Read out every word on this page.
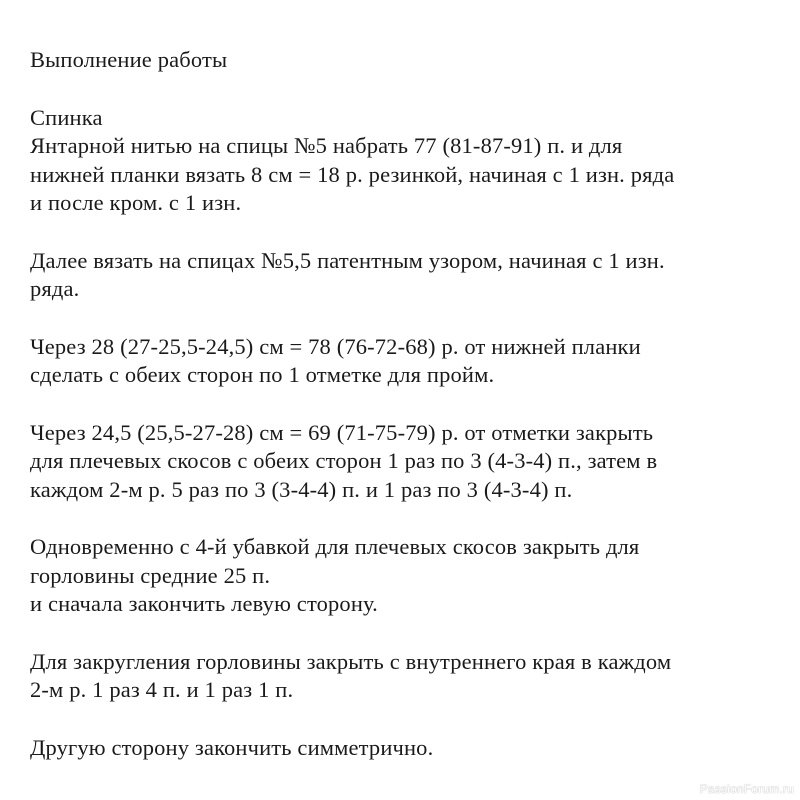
Выполнение работы
Спинка

Янтарной нитью на спицы №5 набрать 77 (81-87-91) п. и для
нижней планки вязать 8 см = 18 р. резинкой, начиная с 1 изн. ряда
и после кром. с 1 изн.

Далее вязать на спицах №5,5 патентным узором, начиная с 1 изн.
ряда.

Через 28 (27-25,5-24,5) см = 78 (76-72-68) р. от нижней планки
сделать с обеих сторон по 1 отметке для пройм.

Через 24,5 (25,5-27-28) см = 69 (71-75-79) р. от отметки закрыть
для плечевых скосов с обеих сторон 1 раз по 3 (4-3-4) п., затем в
каждом 2-м р. 5 раз по 3 (3-4-4) п. и 1 раз по 3 (4-3-4) п.

Одновременно с 4-й убавкой для плечевых скосов закрыть для
горловины средние 25 п.
и сначала закончить левую сторону.

Для закругления горловины закрыть с внутреннего края в каждом
2-м р. 1 раз 4 п. и 1 раз 1 п.

Другую сторону закончить симметрично.

PassionForum.ru
